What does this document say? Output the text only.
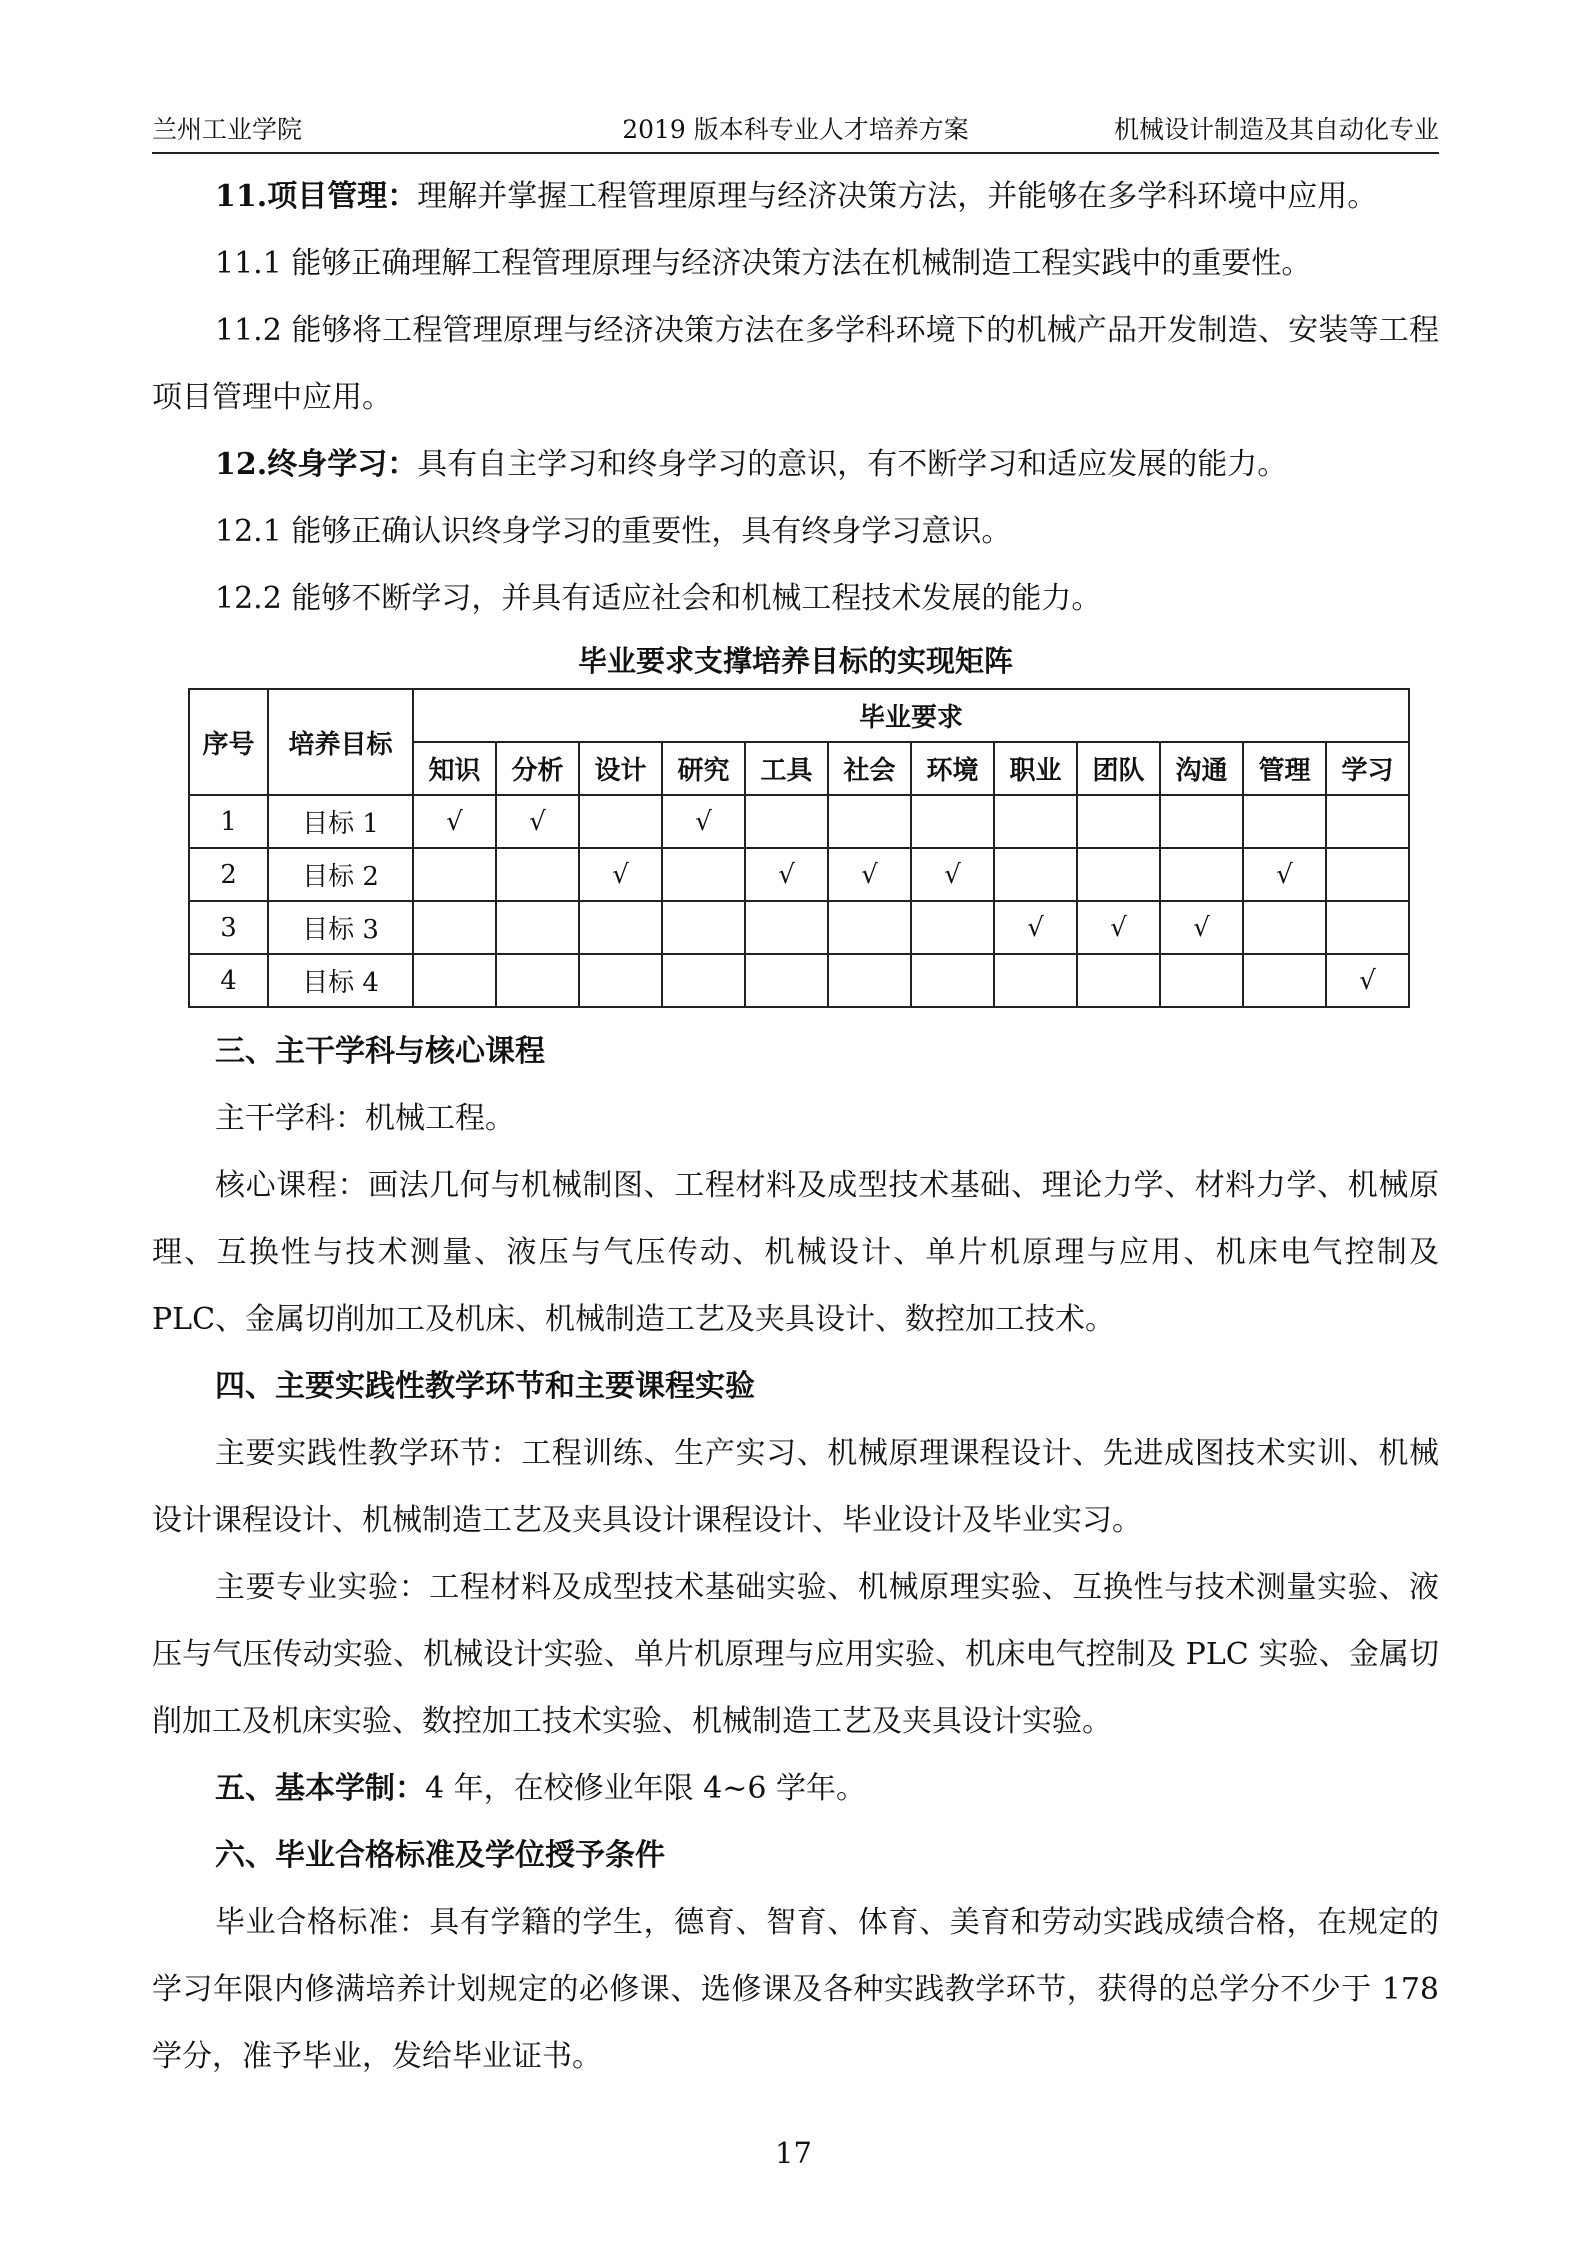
兰州工业学院	2019 版本科专业人才培养方案	机械设计制造及其自动化专业

11.项目管理：理解并掌握工程管理原理与经济决策方法，并能够在多学科环境中应用。

11.1 能够正确理解工程管理原理与经济决策方法在机械制造工程实践中的重要性。

11.2 能够将工程管理原理与经济决策方法在多学科环境下的机械产品开发制造、安装等工程项目管理中应用。

12.终身学习：具有自主学习和终身学习的意识，有不断学习和适应发展的能力。

12.1 能够正确认识终身学习的重要性，具有终身学习意识。

12.2 能够不断学习，并具有适应社会和机械工程技术发展的能力。

毕业要求支撑培养目标的实现矩阵

序号	培养目标	毕业要求											
		知识	分析	设计	研究	工具	社会	环境	职业	团队	沟通	管理	学习
1	目标 1	√	√		√								
2	目标 2			√		√	√	√				√	
3	目标 3								√	√	√		
4	目标 4												√

三、主干学科与核心课程

主干学科：机械工程。

核心课程：画法几何与机械制图、工程材料及成型技术基础、理论力学、材料力学、机械原理、互换性与技术测量、液压与气压传动、机械设计、单片机原理与应用、机床电气控制及 PLC、金属切削加工及机床、机械制造工艺及夹具设计、数控加工技术。

四、主要实践性教学环节和主要课程实验

主要实践性教学环节：工程训练、生产实习、机械原理课程设计、先进成图技术实训、机械设计课程设计、机械制造工艺及夹具设计课程设计、毕业设计及毕业实习。

主要专业实验：工程材料及成型技术基础实验、机械原理实验、互换性与技术测量实验、液压与气压传动实验、机械设计实验、单片机原理与应用实验、机床电气控制及 PLC 实验、金属切削加工及机床实验、数控加工技术实验、机械制造工艺及夹具设计实验。

五、基本学制：4 年，在校修业年限 4~6 学年。

六、毕业合格标准及学位授予条件

毕业合格标准：具有学籍的学生，德育、智育、体育、美育和劳动实践成绩合格，在规定的学习年限内修满培养计划规定的必修课、选修课及各种实践教学环节，获得的总学分不少于 178 学分，准予毕业，发给毕业证书。

17
